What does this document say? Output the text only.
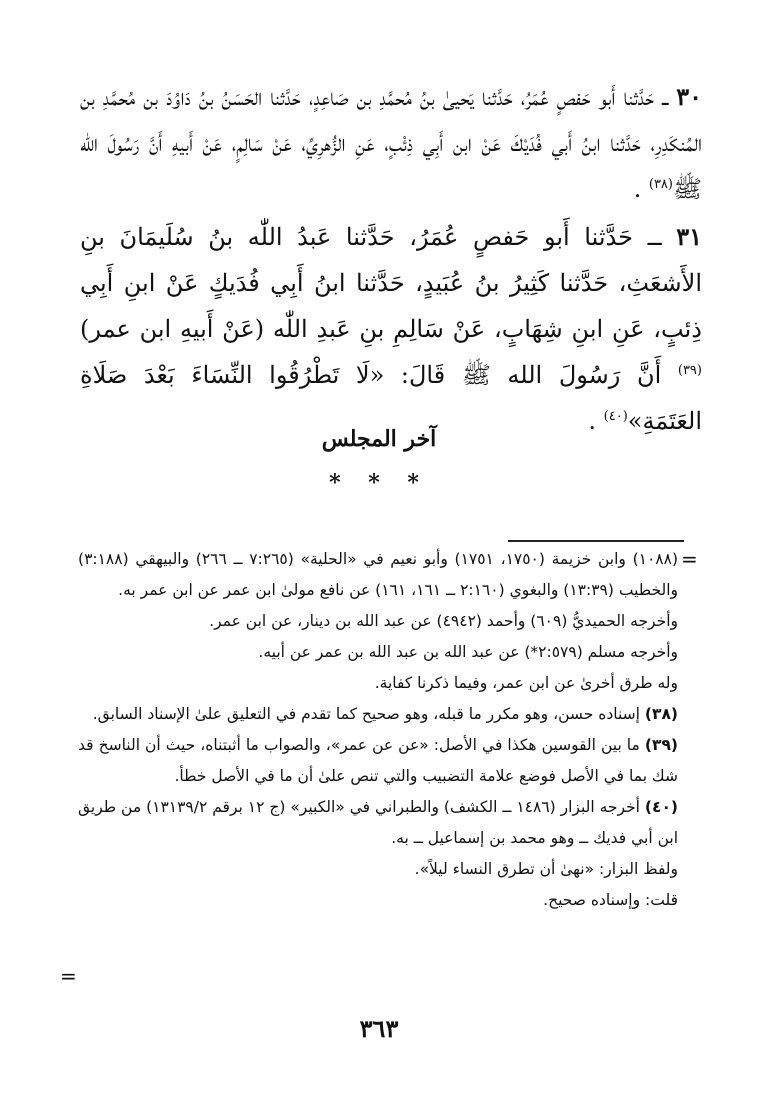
٣٠ ــ حَدَّثنا أَبو حَفصٍ عُمَرُ، حَدَّثنا يَحيىٰ بنُ مُحمَّدِ بن صَاعِدٍ، حَدَّثنا الحَسَنُ بنُ دَاوُدَ بن مُحمَّدِ بن المُنكَدِرِ، حَدَّثنا ابنُ أَبي فُدَيْكَ عَنْ ابن أَبِي ذِئْبٍ، عَنِ الزُّهرِيِّ، عَنْ سَالِمٍ، عَنْ أَبيهِ أَنَّ رَسُولَ الله ﷺ$^{(٣٨)}$ .

٣١ ــ حَدَّثنا أَبو حَفصٍ عُمَرُ، حَدَّثنا عَبدُ اللّٰه بنُ سُلَيمَانَ بنِ الأَشعَثِ، حَدَّثنا كَثِيرُ بنُ عُبَيدٍ، حَدَّثنا ابنُ أَبِي فُدَيكٍ عَنْ ابنِ أَبِي ذِئبٍ، عَنِ ابنِ شِهَابٍ، عَنْ سَالِمِ بنِ عَبدِ اللّٰه (عَنْ أَبيهِ ابن عمر)$^{(٣٩)}$ أَنَّ رَسُولَ الله ﷺ قَالَ: «لَا تَطْرُقُوا النِّسَاءَ بَعْدَ صَلَاةِ العَتَمَةِ»$^{(٤٠)}$ .

آخر المجلس
* * *
=
(١٠٨٨) وابن خزيمة (١٧٥٠، ١٧٥١) وأبو نعيم في «الحلية» (٧:٢٦٥ ــ ٢٦٦) والبيهقي (٣:١٨٨) والخطيب (١٣:٣٩) والبغوي (٢:١٦٠ ــ ١٦١، ١٦١) عن نافع مولىٰ ابن عمر عن ابن عمر به.
وأخرجه الحميديُّ (٦٠٩) وأحمد (٤٩٤٢) عن عبد الله بن دينار، عن ابن عمر.
وأخرجه مسلم (٢:٥٧٩*) عن عبد الله بن عبد الله بن عمر عن أبيه.
وله طرق أخرىٰ عن ابن عمر، وفيما ذكرنا كفاية.
(٣٨) إسناده حسن، وهو مكرر ما قبله، وهو صحيح كما تقدم في التعليق علىٰ الإسناد السابق.
(٣٩) ما بين القوسين هكذا في الأصل: «عن عن عمر»، والصواب ما أثبتناه، حيث أن الناسخ قد شك بما في الأصل فوضع علامة التضبيب والتي تنص علىٰ أن ما في الأصل خطأ.
(٤٠) أخرجه البزار (١٤٨٦ ــ الكشف) والطبراني في «الكبير» (ج ١٢ برقم ١٣١٣٩/٢) من طريق ابن أبي فديك ــ وهو محمد بن إسماعيل ــ به.
ولفظ البزار: «نهىٰ أن تطرق النساء ليلاً».
قلت: وإسناده صحيح.
=
٣٦٣
